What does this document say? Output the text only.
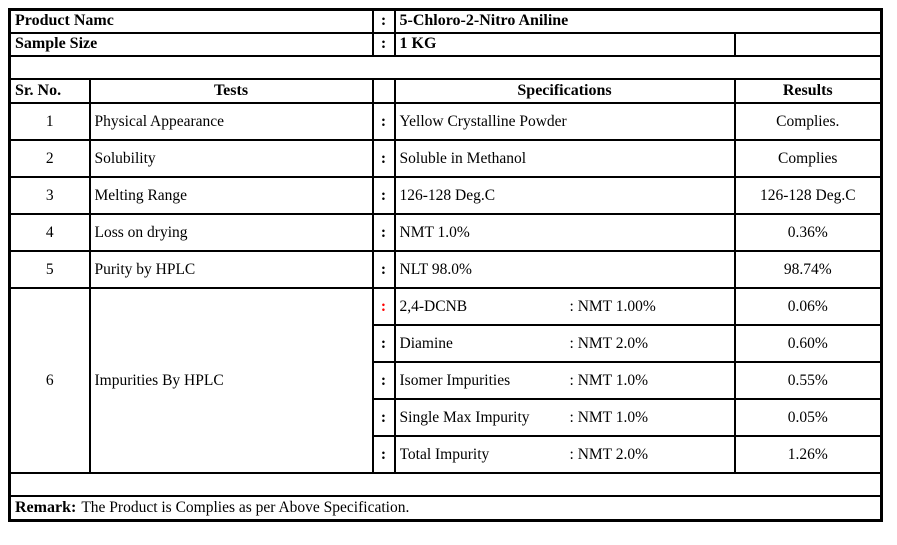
Product Namc		:	5-Chloro-2-Nitro Aniline	
Sample Size		:	1 KG	

Sr. No.	Tests		Specifications	Results
1	Physical Appearance	:	Yellow Crystalline Powder	Complies.
2	Solubility	:	Soluble in Methanol	Complies
3	Melting Range	:	126-128 Deg.C	126-128 Deg.C
4	Loss on drying	:	NMT 1.0%	0.36%
5	Purity by HPLC	:	NLT 98.0%	98.74%
6	Impurities By HPLC	:	2,4-DCNB : NMT 1.00%	0.06%
		:	Diamine : NMT 2.0%	0.60%
		:	Isomer Impurities : NMT 1.0%	0.55%
		:	Single Max Impurity : NMT 1.0%	0.05%
		:	Total Impurity : NMT 2.0%	1.26%

Remark: The Product is Complies as per Above Specification.				
